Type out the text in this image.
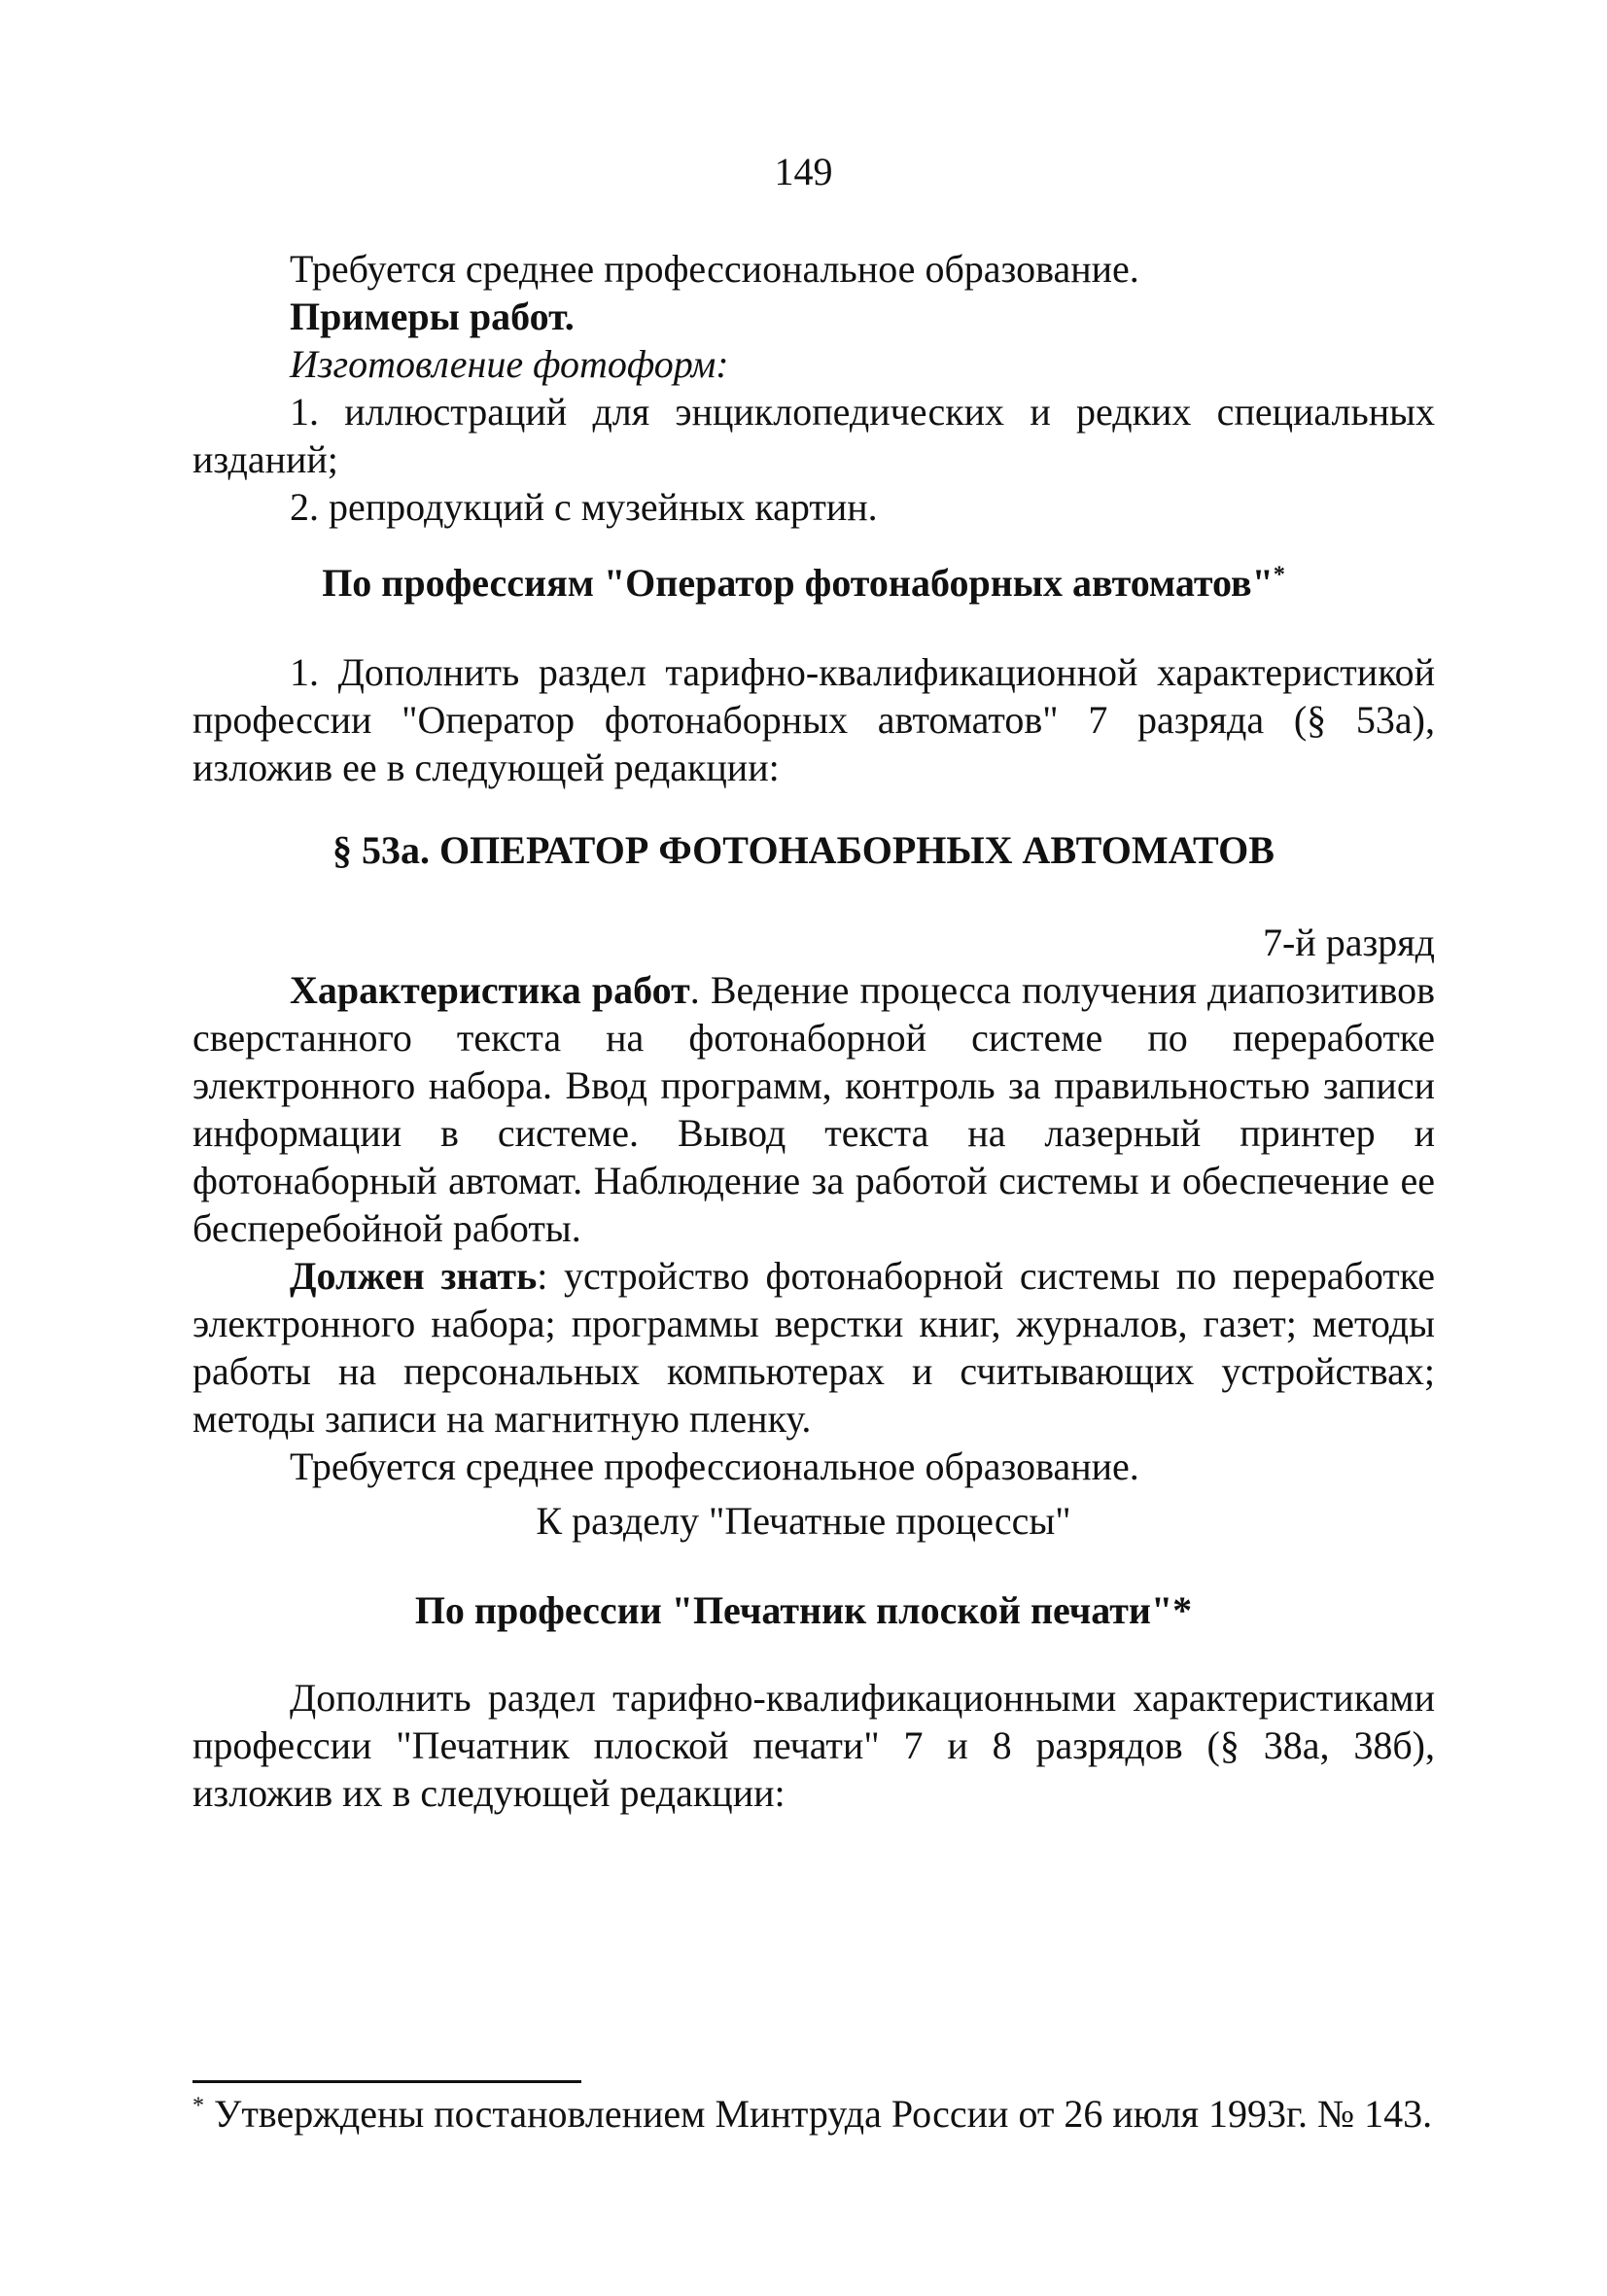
149

Требуется среднее профессиональное образование.

Примеры работ.

Изготовление фотоформ:

1. иллюстраций для энциклопедических и редких специальных изданий;

2. репродукций с музейных картин.

По профессиям "Оператор фотонаборных автоматов"*

1. Дополнить раздел тарифно-квалификационной характеристикой профессии "Оператор фотонаборных автоматов" 7 разряда (§ 53а), изложив ее в следующей редакции:

§ 53а. ОПЕРАТОР ФОТОНАБОРНЫХ АВТОМАТОВ

7-й разряд

Характеристика работ. Ведение процесса получения диапозитивов сверстанного текста на фотонаборной системе по переработке электронного набора. Ввод программ, контроль за правильностью записи информации в системе. Вывод текста на лазерный принтер и фотонаборный автомат. Наблюдение за работой системы и обеспечение ее бесперебойной работы.

Должен знать: устройство фотонаборной системы по переработке электронного набора; программы верстки книг, журналов, газет; методы работы на персональных компьютерах и считывающих устройствах; методы записи на магнитную пленку.

Требуется среднее профессиональное образование.

К разделу "Печатные процессы"

По профессии "Печатник плоской печати"*

Дополнить раздел тарифно-квалификационными характеристиками профессии "Печатник плоской печати" 7 и 8 разрядов (§ 38а, 38б), изложив их в следующей редакции:

* Утверждены постановлением Минтруда России от 26 июля 1993г. № 143.
